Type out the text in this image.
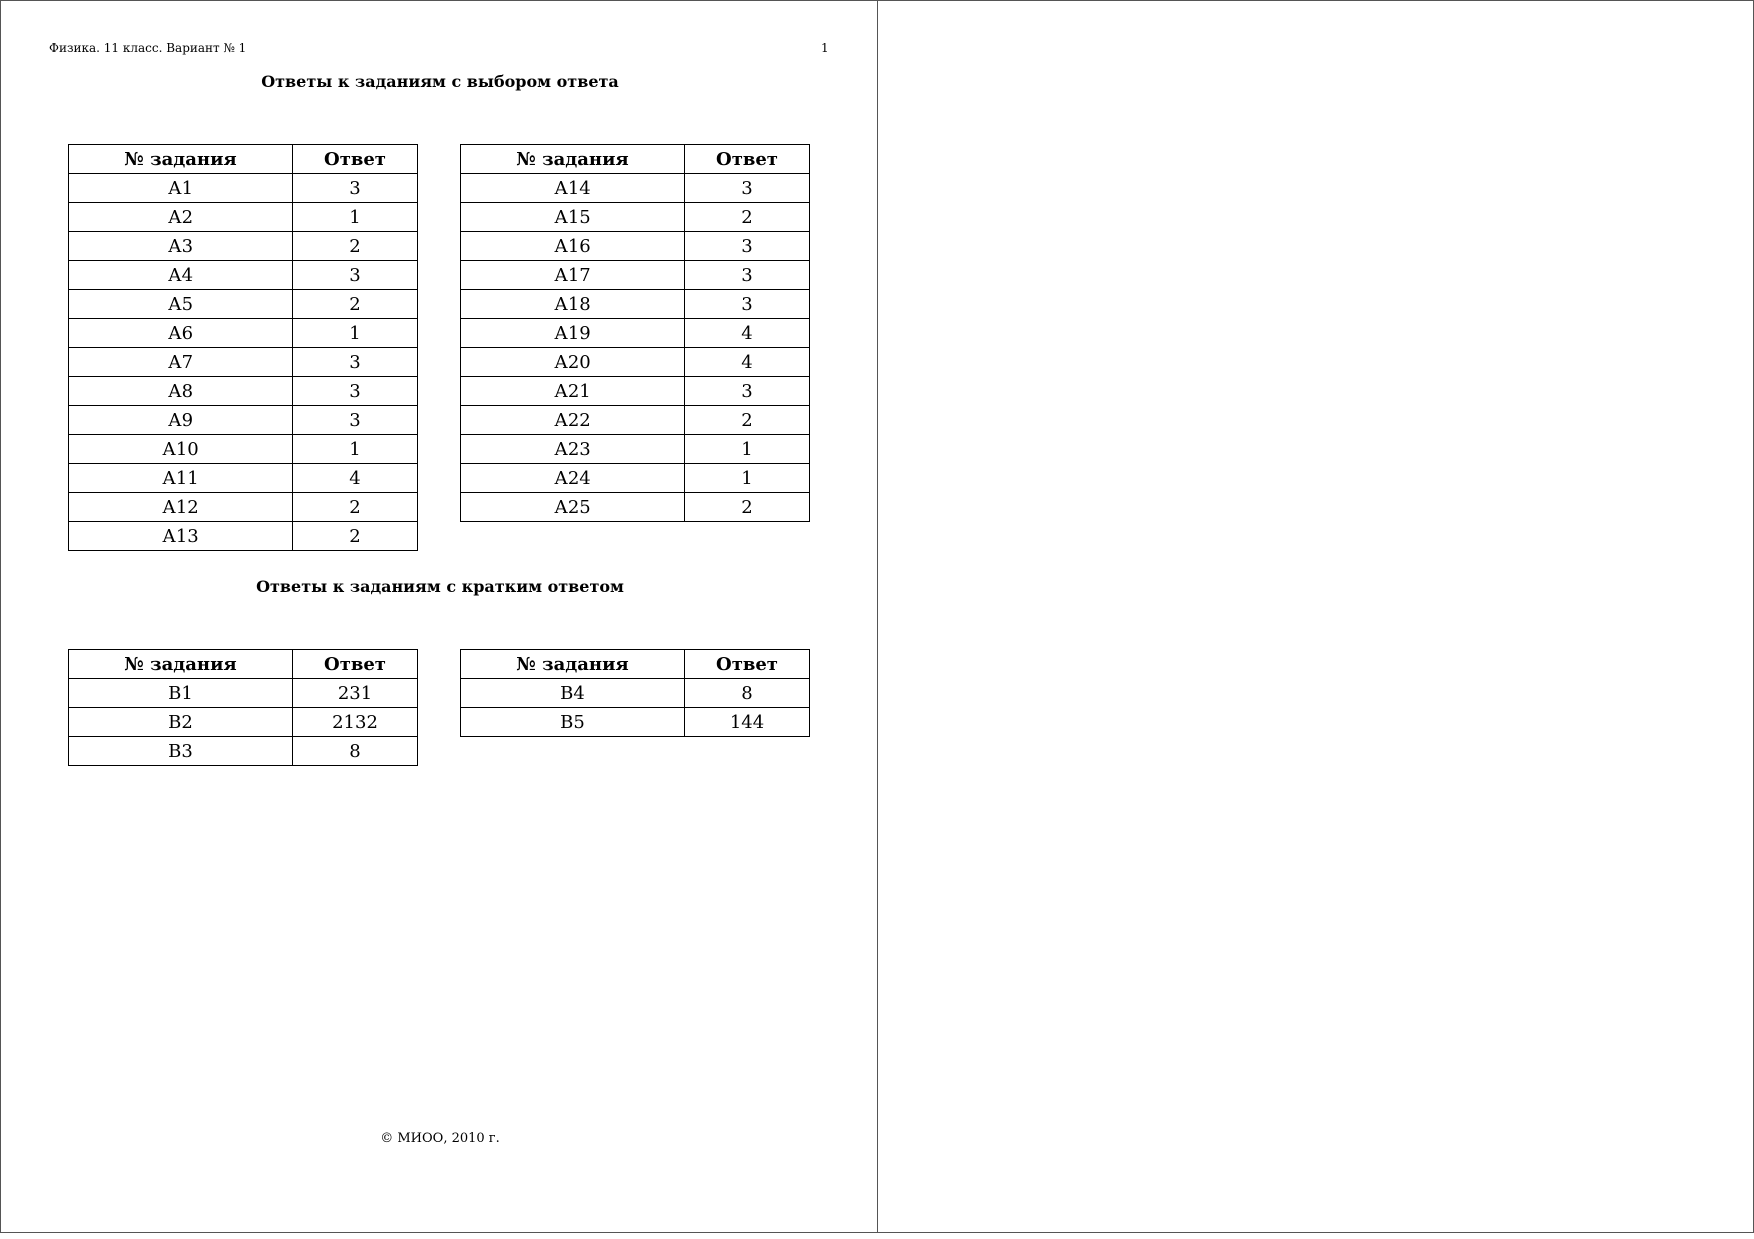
Физика. 11 класс. Вариант № 1	1
Ответы к заданиям с выбором ответа
№ задания	Ответ
А1	3
А2	1
А3	2
А4	3
А5	2
А6	1
А7	3
А8	3
А9	3
А10	1
А11	4
А12	2
А13	2
№ задания	Ответ
А14	3
А15	2
А16	3
А17	3
А18	3
А19	4
А20	4
А21	3
А22	2
А23	1
А24	1
А25	2
Ответы к заданиям с кратким ответом
№ задания	Ответ
В1	231
В2	2132
В3	8
№ задания	Ответ
В4	8
В5	144
© МИОО, 2010 г.
